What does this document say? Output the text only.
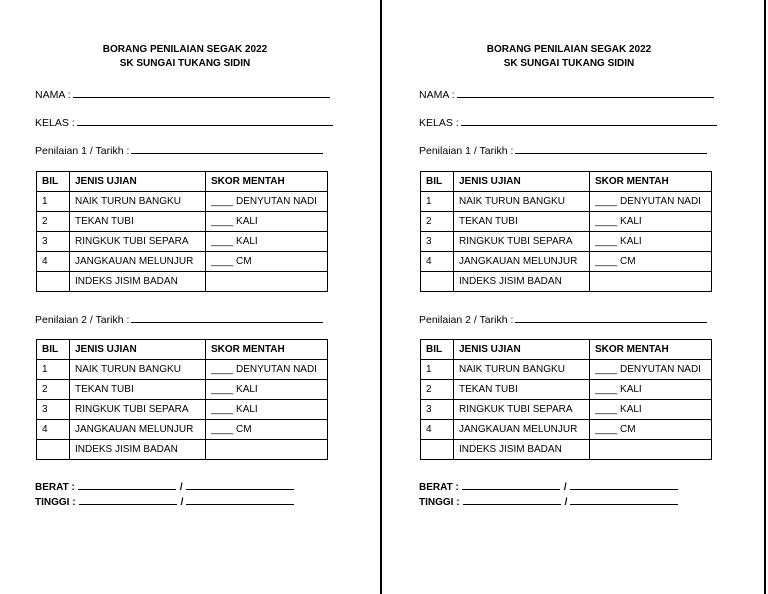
BORANG PENILAIAN SEGAK 2022
SK SUNGAI TUKANG SIDIN
NAMA :
KELAS :
Penilaian 1 / Tarikh :
BIL	JENIS UJIAN	SKOR MENTAH
1	NAIK TURUN BANGKU	____ DENYUTAN NADI
2	TEKAN TUBI	____ KALI
3	RINGKUK TUBI SEPARA	____ KALI
4	JANGKAUAN MELUNJUR	____ CM
	INDEKS JISIM BADAN	
Penilaian 2 / Tarikh :
BIL	JENIS UJIAN	SKOR MENTAH
1	NAIK TURUN BANGKU	____ DENYUTAN NADI
2	TEKAN TUBI	____ KALI
3	RINGKUK TUBI SEPARA	____ KALI
4	JANGKAUAN MELUNJUR	____ CM
	INDEKS JISIM BADAN	
BERAT :	/
TINGGI :	/
BORANG PENILAIAN SEGAK 2022
SK SUNGAI TUKANG SIDIN
NAMA :
KELAS :
Penilaian 1 / Tarikh :
BIL	JENIS UJIAN	SKOR MENTAH
1	NAIK TURUN BANGKU	____ DENYUTAN NADI
2	TEKAN TUBI	____ KALI
3	RINGKUK TUBI SEPARA	____ KALI
4	JANGKAUAN MELUNJUR	____ CM
	INDEKS JISIM BADAN	
Penilaian 2 / Tarikh :
BIL	JENIS UJIAN	SKOR MENTAH
1	NAIK TURUN BANGKU	____ DENYUTAN NADI
2	TEKAN TUBI	____ KALI
3	RINGKUK TUBI SEPARA	____ KALI
4	JANGKAUAN MELUNJUR	____ CM
	INDEKS JISIM BADAN	
BERAT :	/
TINGGI :	/
